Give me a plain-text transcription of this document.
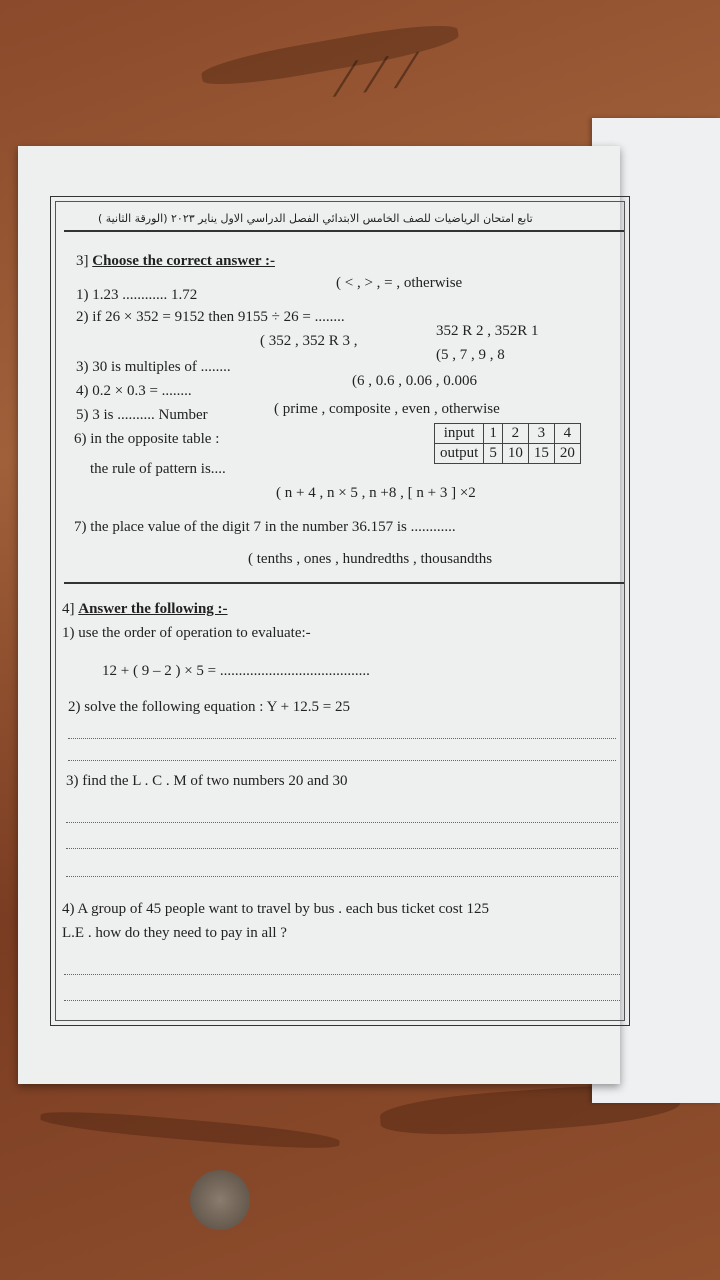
⟋⟋⟋
تابع امتحان الرياضيات للصف الخامس الابتدائي الفصل الدراسي الاول يناير ٢٠٢٣ (الورقة الثانية )
3] Choose the correct answer :-
1) 1.23 ............ 1.72
( < , > , = , otherwise
2) if 26 × 352 = 9152 then 9155 ÷ 26 = ........
( 352 , 352 R 3 ,
352 R 2 , 352R 1
3) 30 is multiples of ........
(5 , 7 , 9 , 8
4) 0.2 × 0.3 = ........
(6 , 0.6 , 0.06 , 0.006
5) 3 is .......... Number	( prime , composite , even , otherwise
6) in the opposite table :
the rule of pattern is....
input	1	2	3	4
output	5	10	15	20
( n + 4 , n × 5 , n +8 , [ n + 3 ] ×2
7) the place value of the digit 7 in the number 36.157 is ............
( tenths , ones , hundredths , thousandths
4] Answer the following :-
1) use the order of operation to evaluate:-
12 + ( 9 – 2 ) × 5 = ........................................
2) solve the following equation : Y + 12.5 = 25
3) find the L . C . M of two numbers 20 and 30
4) A group of 45 people want to travel by bus . each bus ticket cost 125
L.E . how do they need to pay in all ?
